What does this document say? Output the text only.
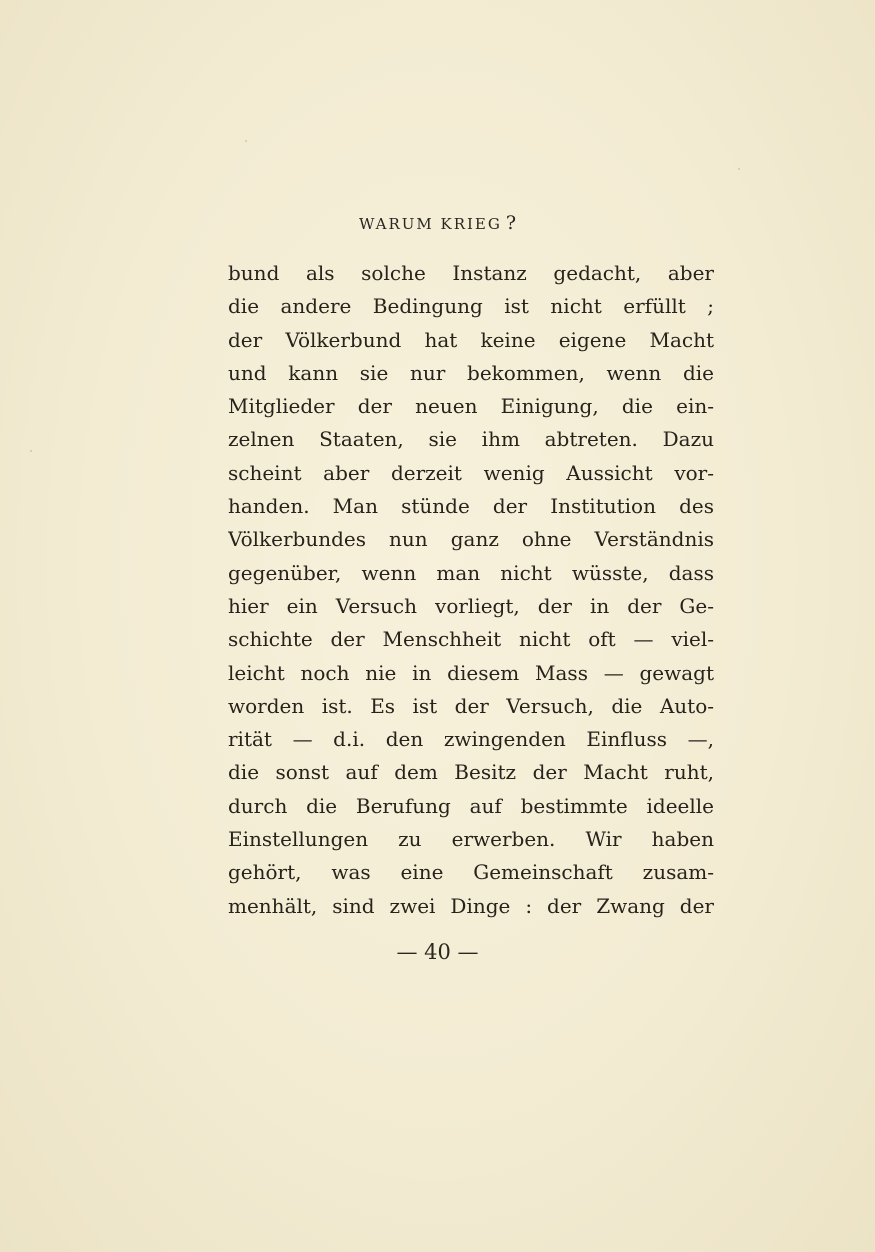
WARUM KRIEG ?
bund als solche Instanz gedacht, aber
die andere Bedingung ist nicht erfüllt ;
der Völkerbund hat keine eigene Macht
und kann sie nur bekommen, wenn die
Mitglieder der neuen Einigung, die ein-
zelnen Staaten, sie ihm abtreten. Dazu
scheint aber derzeit wenig Aussicht vor-
handen. Man stünde der Institution des
Völkerbundes nun ganz ohne Verständnis
gegenüber, wenn man nicht wüsste, dass
hier ein Versuch vorliegt, der in der Ge-
schichte der Menschheit nicht oft — viel-
leicht noch nie in diesem Mass — gewagt
worden ist. Es ist der Versuch, die Auto-
rität — d.i. den zwingenden Einfluss —,
die sonst auf dem Besitz der Macht ruht,
durch die Berufung auf bestimmte ideelle
Einstellungen zu erwerben. Wir haben
gehört, was eine Gemeinschaft zusam-
menhält, sind zwei Dinge : der Zwang der
— 40 —
